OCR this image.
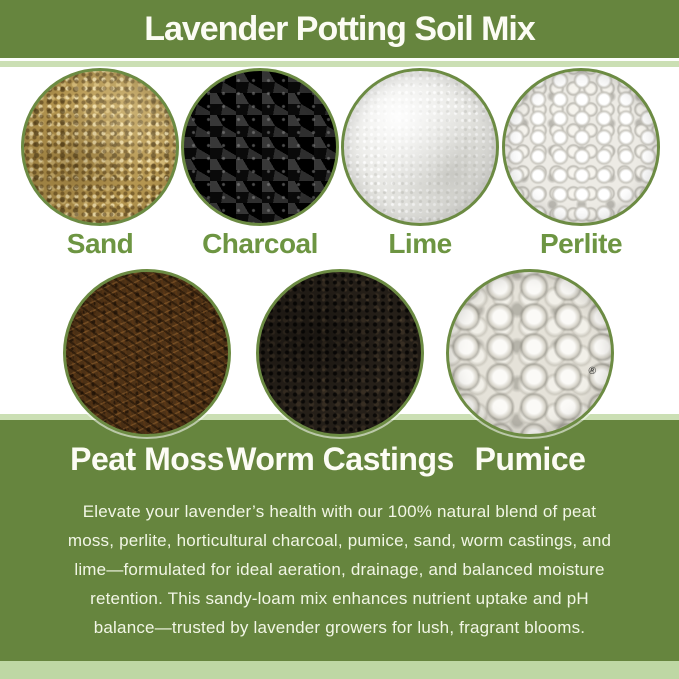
Lavender Potting Soil Mix
Sand	Charcoal	Lime	Perlite
®
Peat Moss Worm Castings Pumice
Elevate your lavender’s health with our 100% natural blend of peat
moss, perlite, horticultural charcoal, pumice, sand, worm castings, and
lime—formulated for ideal aeration, drainage, and balanced moisture
retention. This sandy-loam mix enhances nutrient uptake and pH
balance—trusted by lavender growers for lush, fragrant blooms.
